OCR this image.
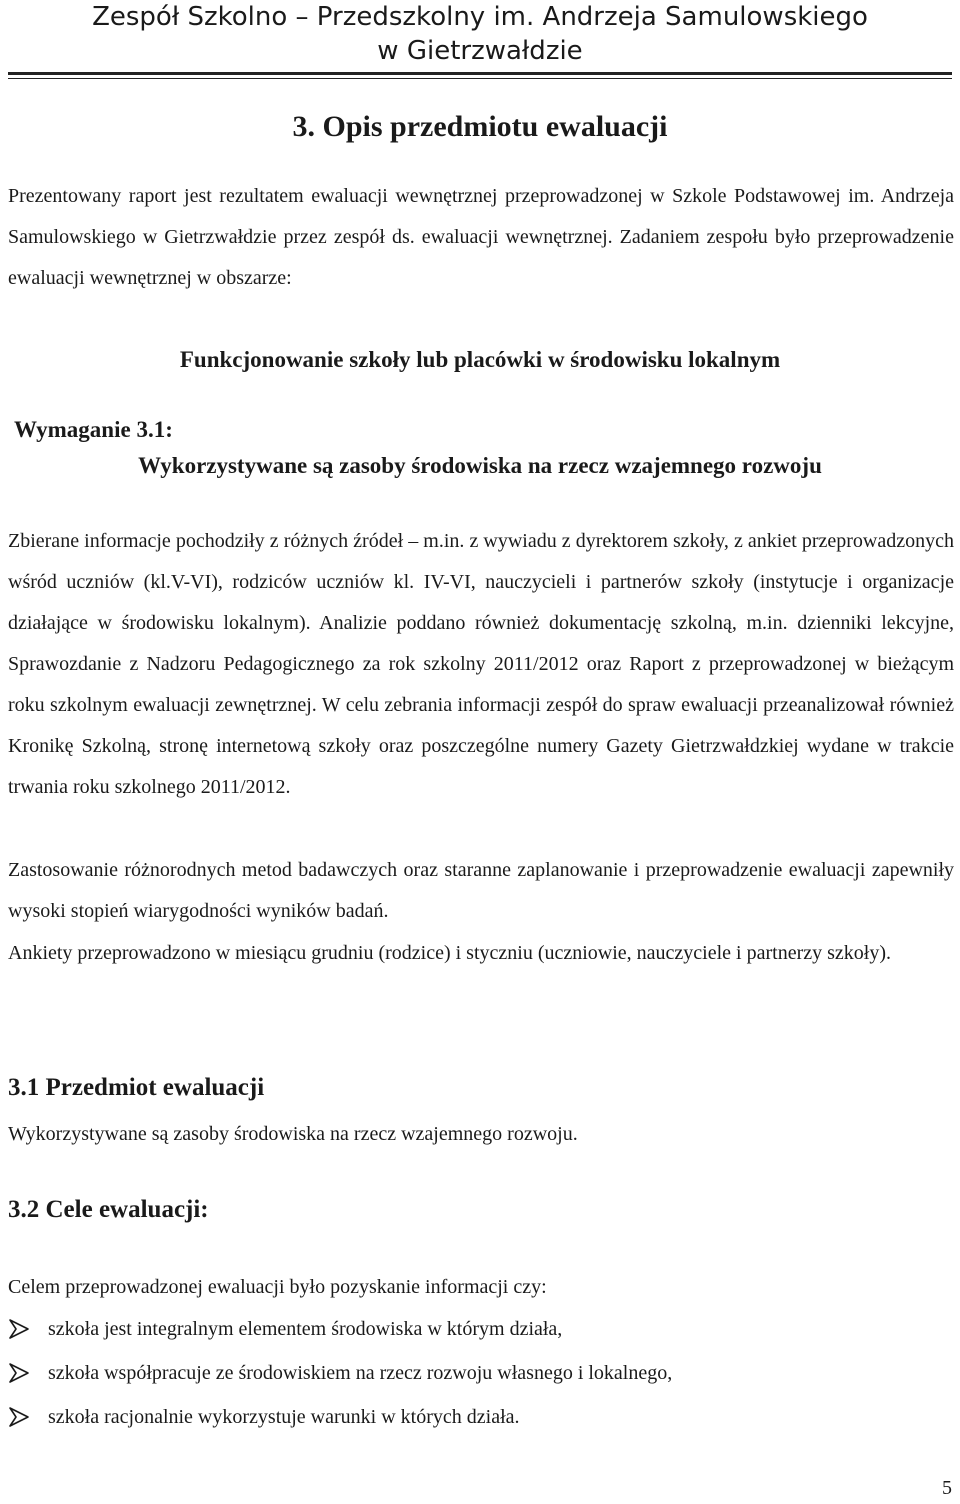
Zespół Szkolno – Przedszkolny im. Andrzeja Samulowskiego
w Gietrzwałdzie
3. Opis przedmiotu ewaluacji
Prezentowany raport jest rezultatem ewaluacji wewnętrznej przeprowadzonej w Szkole Podstawowej im. Andrzeja Samulowskiego w Gietrzwałdzie przez zespół ds. ewaluacji wewnętrznej. Zadaniem zespołu było przeprowadzenie ewaluacji wewnętrznej w obszarze:
Funkcjonowanie szkoły lub placówki w środowisku lokalnym
Wymaganie 3.1:
Wykorzystywane są zasoby środowiska na rzecz wzajemnego rozwoju
Zbierane informacje pochodziły z różnych źródeł – m.in. z wywiadu z dyrektorem szkoły, z ankiet przeprowadzonych wśród uczniów (kl.V-VI), rodziców uczniów kl. IV-VI, nauczycieli i partnerów szkoły (instytucje i organizacje działające w środowisku lokalnym). Analizie poddano również dokumentację szkolną, m.in. dzienniki lekcyjne, Sprawozdanie z Nadzoru Pedagogicznego za rok szkolny 2011/2012 oraz Raport z przeprowadzonej w bieżącym roku szkolnym ewaluacji zewnętrznej. W celu zebrania informacji zespół do spraw ewaluacji przeanalizował również Kronikę Szkolną, stronę internetową szkoły oraz poszczególne numery Gazety Gietrzwałdzkiej wydane w trakcie trwania roku szkolnego 2011/2012.
Zastosowanie różnorodnych metod badawczych oraz staranne zaplanowanie i przeprowadzenie ewaluacji zapewniły wysoki stopień wiarygodności wyników badań.
Ankiety przeprowadzono w miesiącu grudniu (rodzice) i styczniu (uczniowie, nauczyciele i partnerzy szkoły).
3.1 Przedmiot ewaluacji
Wykorzystywane są zasoby środowiska na rzecz wzajemnego rozwoju.
3.2 Cele ewaluacji:
Celem przeprowadzonej ewaluacji było pozyskanie informacji czy:
szkoła jest integralnym elementem środowiska w którym działa,
szkoła współpracuje ze środowiskiem na rzecz rozwoju własnego i lokalnego,
szkoła racjonalnie wykorzystuje warunki w których działa.
5
